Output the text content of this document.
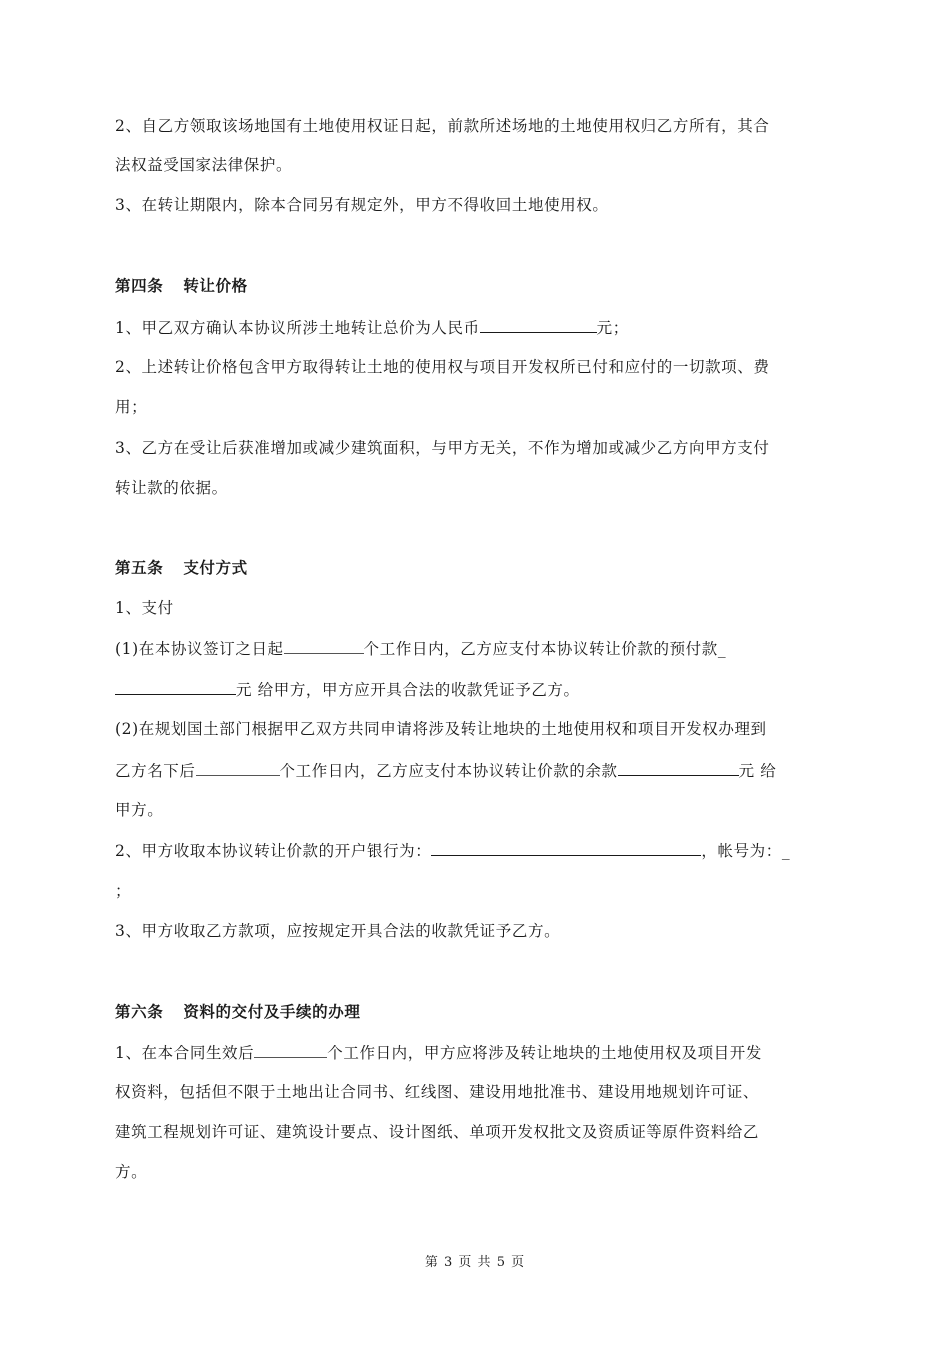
2、自乙方领取该场地国有土地使用权证日起，前款所述场地的土地使用权归乙方所有，其合
法权益受国家法律保护。
3、在转让期限内，除本合同另有规定外，甲方不得收回土地使用权。
第四条 转让价格
1、甲乙双方确认本协议所涉土地转让总价为人民币	元；
2、上述转让价格包含甲方取得转让土地的使用权与项目开发权所已付和应付的一切款项、费
用；
3、乙方在受让后获准增加或减少建筑面积，与甲方无关，不作为增加或减少乙方向甲方支付
转让款的依据。
第五条 支付方式
1、支付
(1)在本协议签订之日起	个工作日内，乙方应支付本协议转让价款的预付款_
元 给甲方，甲方应开具合法的收款凭证予乙方。
(2)在规划国土部门根据甲乙双方共同申请将涉及转让地块的土地使用权和项目开发权办理到
乙方名下后	个工作日内，乙方应支付本协议转让价款的余款	元 给
甲方。
2、甲方收取本协议转让价款的开户银行为：	，帐号为：_
；
3、甲方收取乙方款项，应按规定开具合法的收款凭证予乙方。
第六条 资料的交付及手续的办理
1、在本合同生效后	个工作日内，甲方应将涉及转让地块的土地使用权及项目开发
权资料，包括但不限于土地出让合同书、红线图、建设用地批准书、建设用地规划许可证、
建筑工程规划许可证、建筑设计要点、设计图纸、单项开发权批文及资质证等原件资料给乙
方。
第 3 页 共 5 页
